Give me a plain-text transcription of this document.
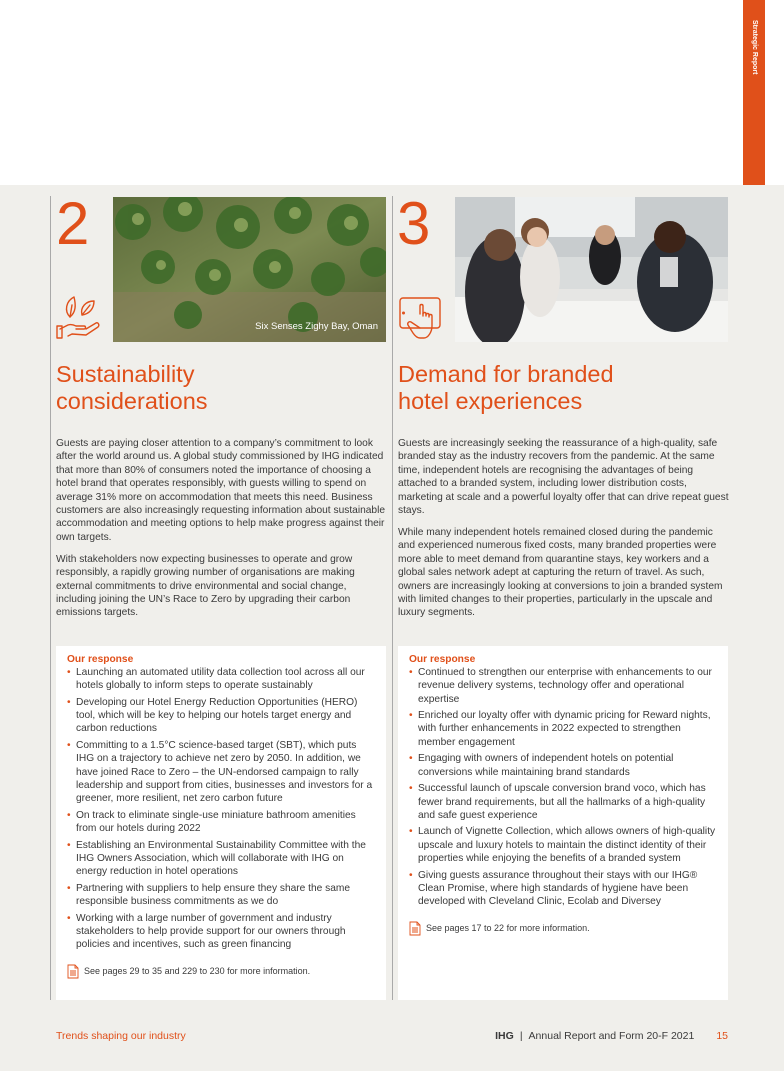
Strategic Report
2
Six Senses Zighy Bay, Oman
Sustainability
considerations

Guests are paying closer attention to a company’s commitment to look after the world around us. A global study commissioned by IHG indicated that more than 80% of consumers noted the importance of choosing a hotel brand that operates responsibly, with guests willing to spend on average 31% more on accommodation that meets this need. Business customers are also increasingly requesting information about sustainable accommodation and meeting options to help make progress against their own targets.

With stakeholders now expecting businesses to operate and grow responsibly, a rapidly growing number of organisations are making external commitments to drive environmental and social change, including joining the UN’s Race to Zero by upgrading their carbon emissions targets.

Our response
• Launching an automated utility data collection tool across all our hotels globally to inform steps to operate sustainably
• Developing our Hotel Energy Reduction Opportunities (HERO) tool, which will be key to helping our hotels target energy and carbon reductions
• Committing to a 1.5°C science-based target (SBT), which puts IHG on a trajectory to achieve net zero by 2050. In addition, we have joined Race to Zero – the UN-endorsed campaign to rally leadership and support from cities, businesses and investors for a greener, more resilient, net zero carbon future
• On track to eliminate single-use miniature bathroom amenities from our hotels during 2022
• Establishing an Environmental Sustainability Committee with the IHG Owners Association, which will collaborate with IHG on energy reduction in hotel operations
• Partnering with suppliers to help ensure they share the same responsible business commitments as we do
• Working with a large number of government and industry stakeholders to help provide support for our owners through policies and incentives, such as green financing
See pages 29 to 35 and 229 to 230 for more information.
3
Demand for branded
hotel experiences

Guests are increasingly seeking the reassurance of a high-quality, safe branded stay as the industry recovers from the pandemic. At the same time, independent hotels are recognising the advantages of being attached to a branded system, including lower distribution costs, marketing at scale and a powerful loyalty offer that can drive repeat guest stays.

While many independent hotels remained closed during the pandemic and experienced numerous fixed costs, many branded properties were more able to meet demand from quarantine stays, key workers and a global sales network adept at capturing the return of travel. As such, owners are increasingly looking at conversions to join a branded system with limited changes to their properties, particularly in the upscale and luxury segments.

Our response
• Continued to strengthen our enterprise with enhancements to our revenue delivery systems, technology offer and operational expertise
• Enriched our loyalty offer with dynamic pricing for Reward nights, with further enhancements in 2022 expected to strengthen member engagement
• Engaging with owners of independent hotels on potential conversions while maintaining brand standards
• Successful launch of upscale conversion brand voco, which has fewer brand requirements, but all the hallmarks of a high-quality and safe guest experience
• Launch of Vignette Collection, which allows owners of high-quality upscale and luxury hotels to maintain the distinct identity of their properties while enjoying the benefits of a branded system
• Giving guests assurance throughout their stays with our IHG® Clean Promise, where high standards of hygiene have been developed with Cleveland Clinic, Ecolab and Diversey
See pages 17 to 22 for more information.
Trends shaping our industry	IHG | Annual Report and Form 20-F 2021 15
